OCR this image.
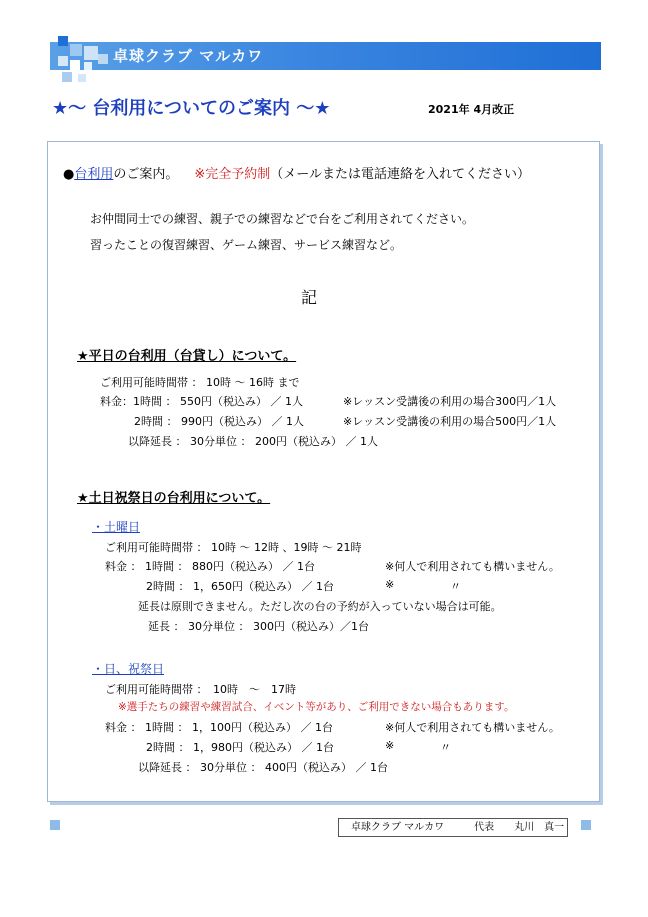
卓球クラブ マルカワ
★～ 台利用についてのご案内 ～★	2021年 4月改正
●台利用のご案内。 ※完全予約制（メールまたは電話連絡を入れてください）
お仲間同士での練習、親子での練習などで台をご利用されてください。
習ったことの復習練習、ゲーム練習、サービス練習など。
記
★平日の台利用（台貸し）について。
ご利用可能時間帯 ： 10時 ～ 16時 まで
料金：1時間 ： 550円（税込み） ／ 1人	※レッスン受講後の利用の場合300円／1人
2時間 ： 990円（税込み） ／ 1人	※レッスン受講後の利用の場合500円／1人
以降延長 ： 30分単位 ： 200円（税込み） ／ 1人
★土日祝祭日の台利用について。
・土曜日
ご利用可能時間帯 ： 10時 ～ 12時 、19時 ～ 21時
料金 ： 1時間 ： 880円（税込み） ／ 1台	※何人で利用されても構いません。
2時間 ： 1，650円（税込み） ／ 1台	※	〃
延長は原則できません。ただし次の台の予約が入っていない場合は可能。
延長 ： 30分単位 ： 300円（税込み）／1台
・日、祝祭日
ご利用可能時間帯 ：　10時　～　17時
※選手たちの練習や練習試合、イベント等があり、ご利用できない場合もあります。
料金 ： 1時間 ： 1，100円（税込み） ／ 1台	※何人で利用されても構いません。
2時間 ： 1，980円（税込み） ／ 1台	※	〃
以降延長 ： 30分単位 ： 400円（税込み） ／ 1台
卓球クラブ マルカワ　　　代表　　丸川　真一
